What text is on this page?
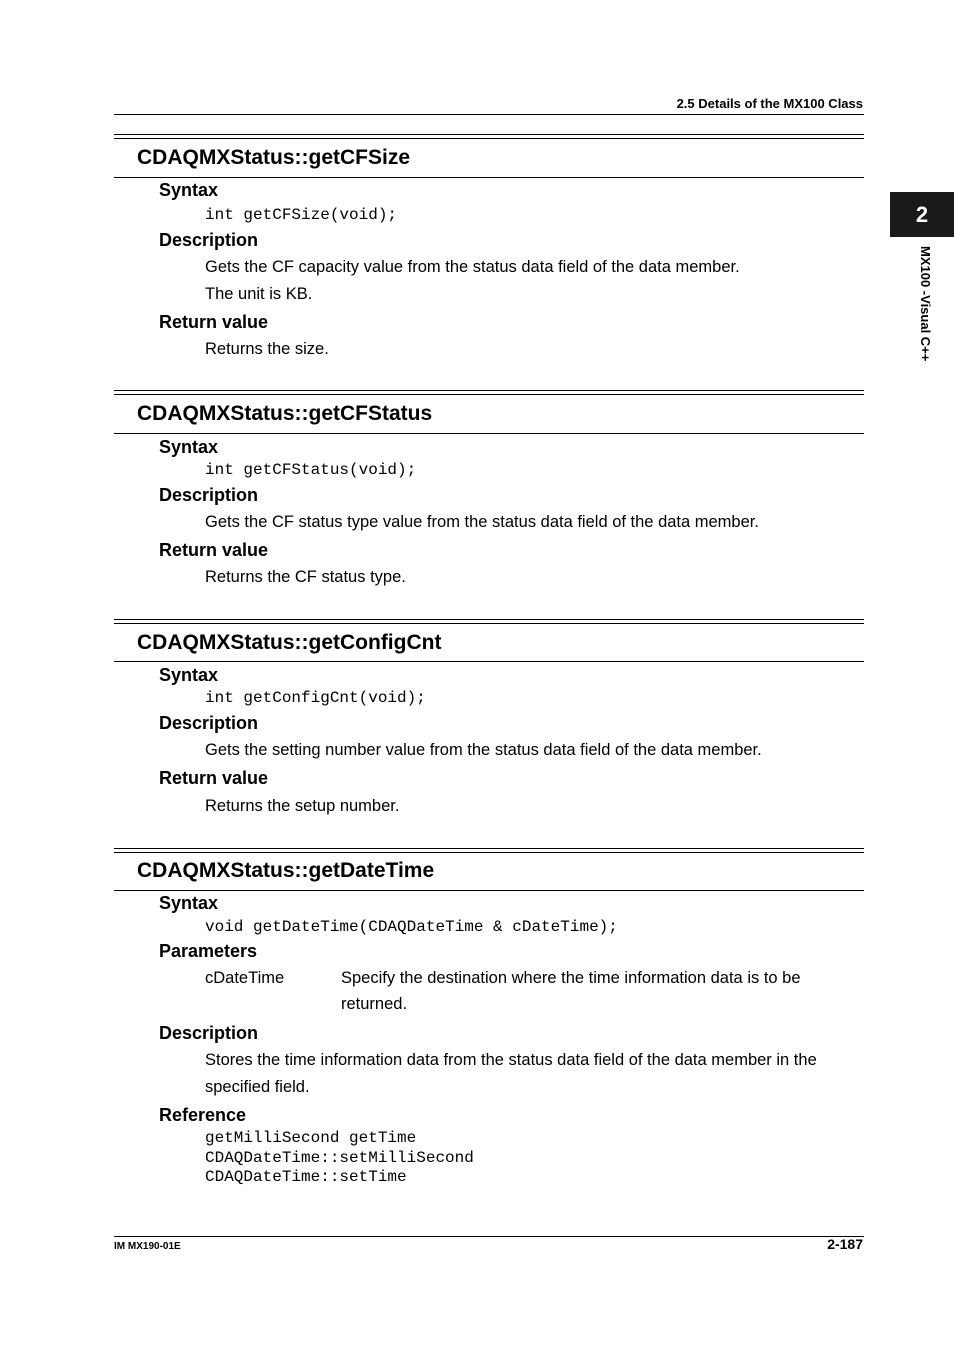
2.5 Details of the MX100 Class
2
MX100 -Visual C++
CDAQMXStatus::getCFSize
Syntax
int getCFSize(void);
Description
Gets the CF capacity value from the status data field of the data member.
The unit is KB.
Return value
Returns the size.
CDAQMXStatus::getCFStatus
Syntax
int getCFStatus(void);
Description
Gets the CF status type value from the status data field of the data member.
Return value
Returns the CF status type.
CDAQMXStatus::getConfigCnt
Syntax
int getConfigCnt(void);
Description
Gets the setting number value from the status data field of the data member.
Return value
Returns the setup number.
CDAQMXStatus::getDateTime
Syntax
void getDateTime(CDAQDateTime & cDateTime);
Parameters
cDateTime	Specify the destination where the time information data is to be returned.
Description
Stores the time information data from the status data field of the data member in the
specified field.
Reference
getMilliSecond getTime
CDAQDateTime::setMilliSecond
CDAQDateTime::setTime
IM MX190-01E	2-187
